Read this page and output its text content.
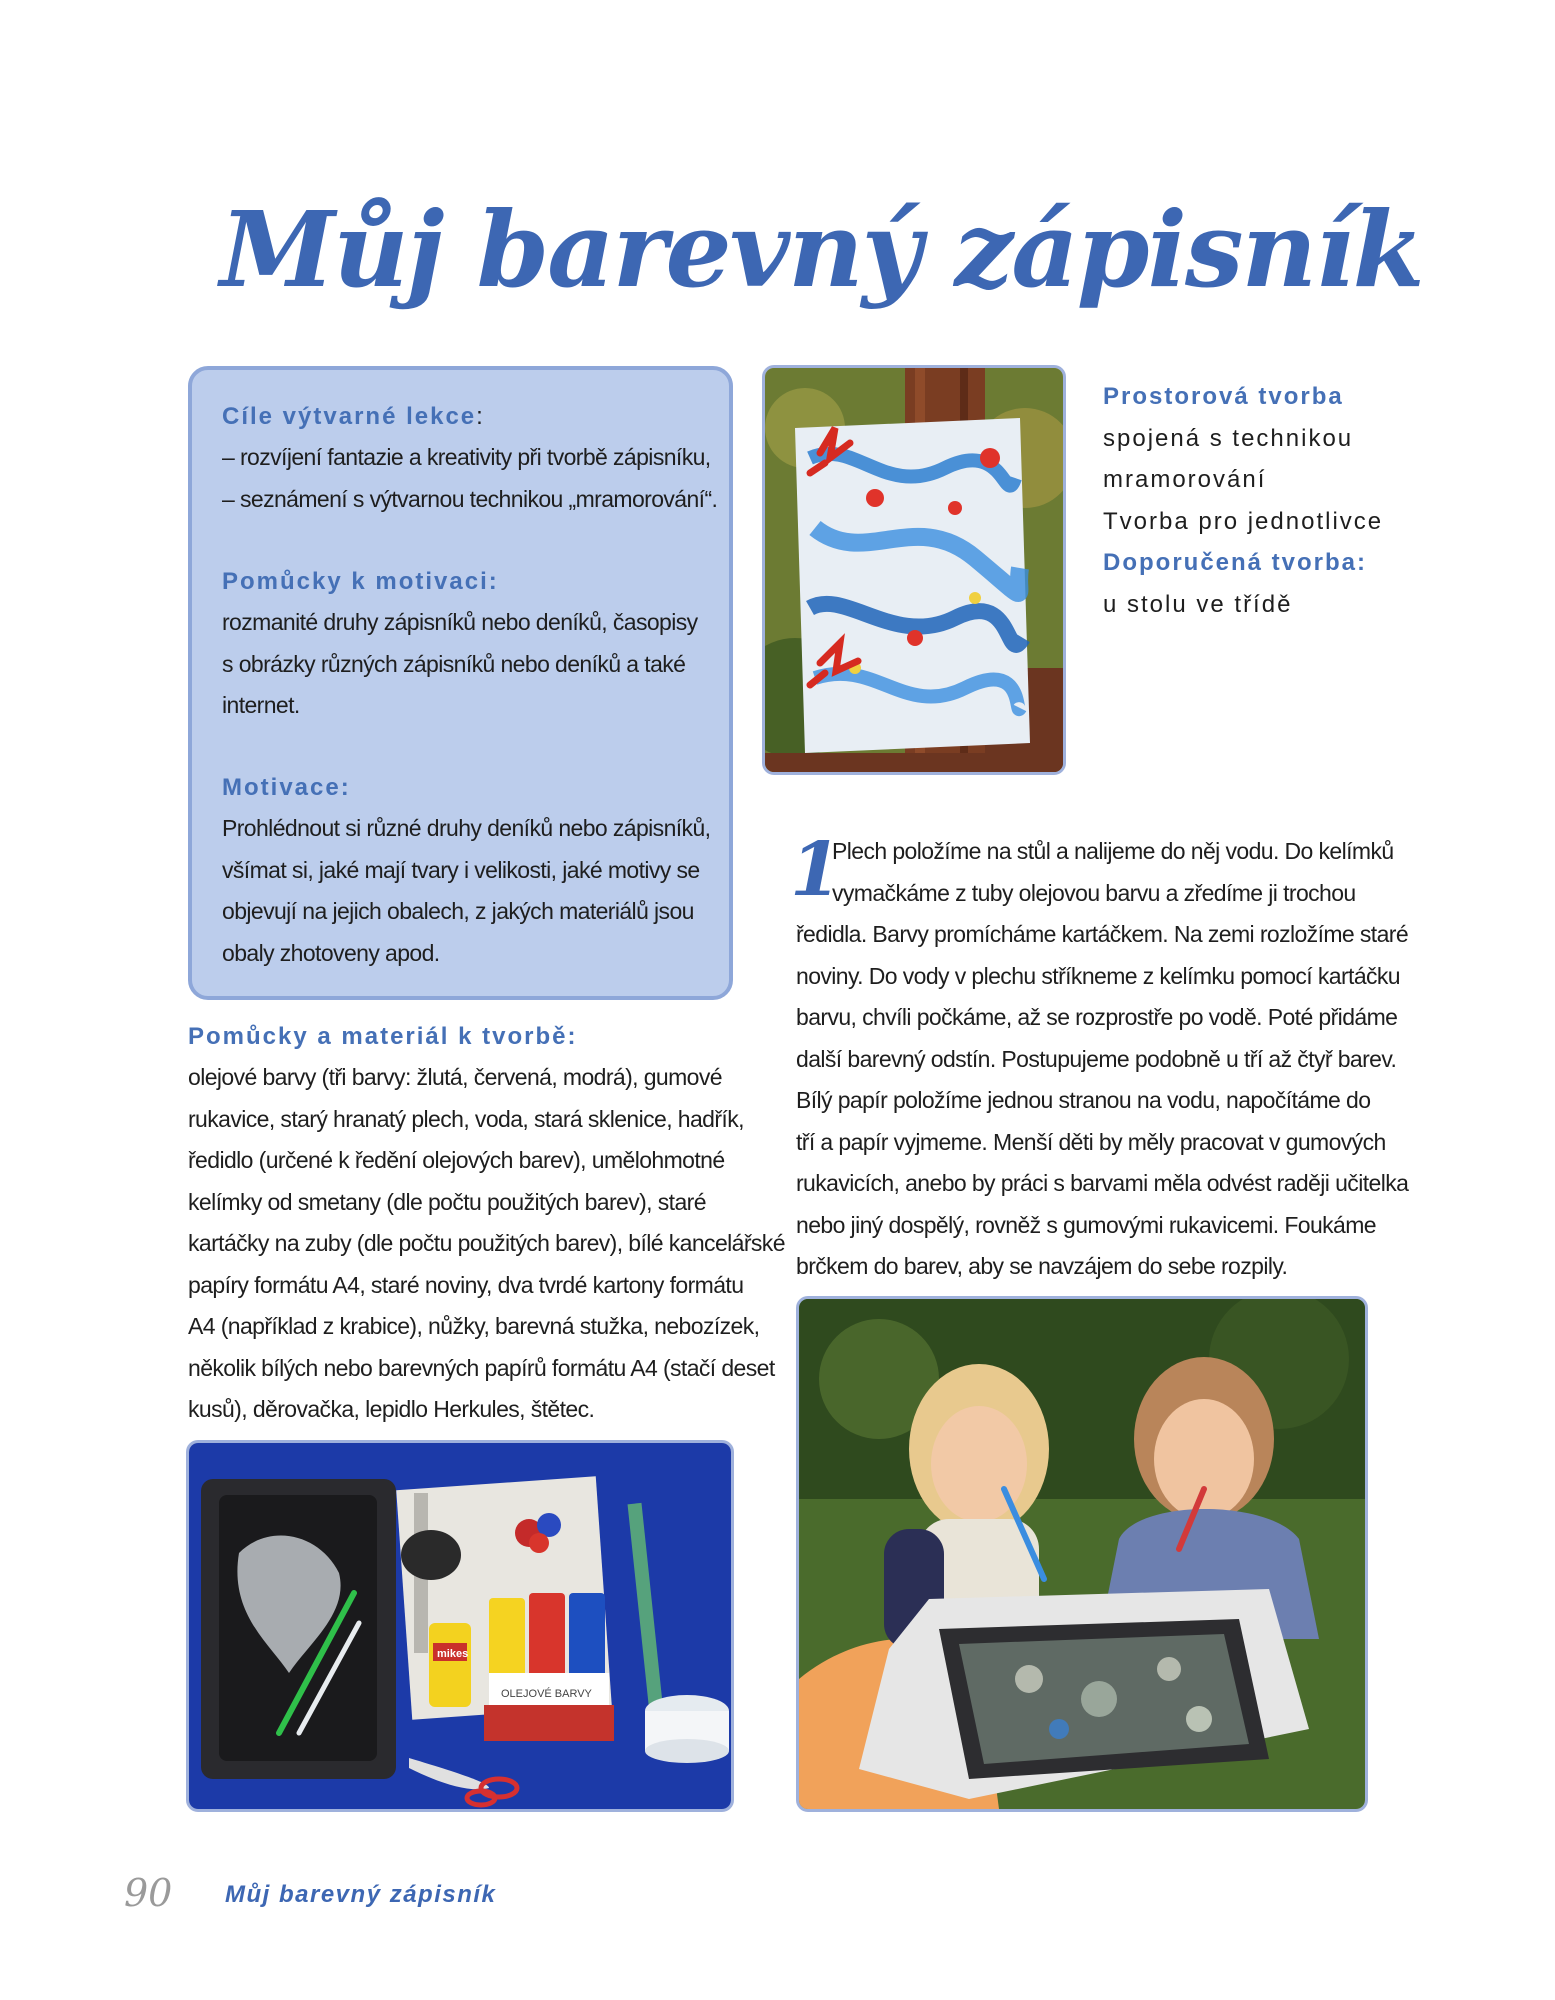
Můj barevný zápisník
Cíle výtvarné lekce:
– rozvíjení fantazie a kreativity při tvorbě zápisníku,
– seznámení s výtvarnou technikou „mramorování“.
Pomůcky k motivaci:
rozmanité druhy zápisníků nebo deníků, časopisy
s obrázky různých zápisníků nebo deníků a také
internet.
Motivace:
Prohlédnout si různé druhy deníků nebo zápisníků,
všímat si, jaké mají tvary i velikosti, jaké motivy se
objevují na jejich obalech, z jakých materiálů jsou
obaly zhotoveny apod.
Pomůcky a materiál k tvorbě:
olejové barvy (tři barvy: žlutá, červená, modrá), gumové
rukavice, starý hranatý plech, voda, stará sklenice, hadřík,
ředidlo (určené k ředění olejových barev), umělohmotné
kelímky od smetany (dle počtu použitých barev), staré
kartáčky na zuby (dle počtu použitých barev), bílé kancelářské
papíry formátu A4, staré noviny, dva tvrdé kartony formátu
A4 (například z krabice), nůžky, barevná stužka, nebozízek,
několik bílých nebo barevných papírů formátu A4 (stačí deset
kusů), děrovačka, lepidlo Herkules, štětec.
Prostorová tvorba
spojená s technikou
mramorování
Tvorba pro jednotlivce
Doporučená tvorba:
u stolu ve třídě
1
Plech položíme na stůl a nalijeme do něj vodu. Do kelímků
vymačkáme z tuby olejovou barvu a zředíme ji trochou
ředidla. Barvy promícháme kartáčkem. Na zemi rozložíme staré
noviny. Do vody v plechu stříkneme z kelímku pomocí kartáčku
barvu, chvíli počkáme, až se rozprostře po vodě. Poté přidáme
další barevný odstín. Postupujeme podobně u tří až čtyř barev.
Bílý papír položíme jednou stranou na vodu, napočítáme do
tří a papír vyjmeme. Menší děti by měly pracovat v gumových
rukavicích, anebo by práci s barvami měla odvést raději učitelka
nebo jiný dospělý, rovněž s gumovými rukavicemi. Foukáme
brčkem do barev, aby se navzájem do sebe rozpily.
mikes
OLEJOVÉ BARVY
90 Můj barevný zápisník
